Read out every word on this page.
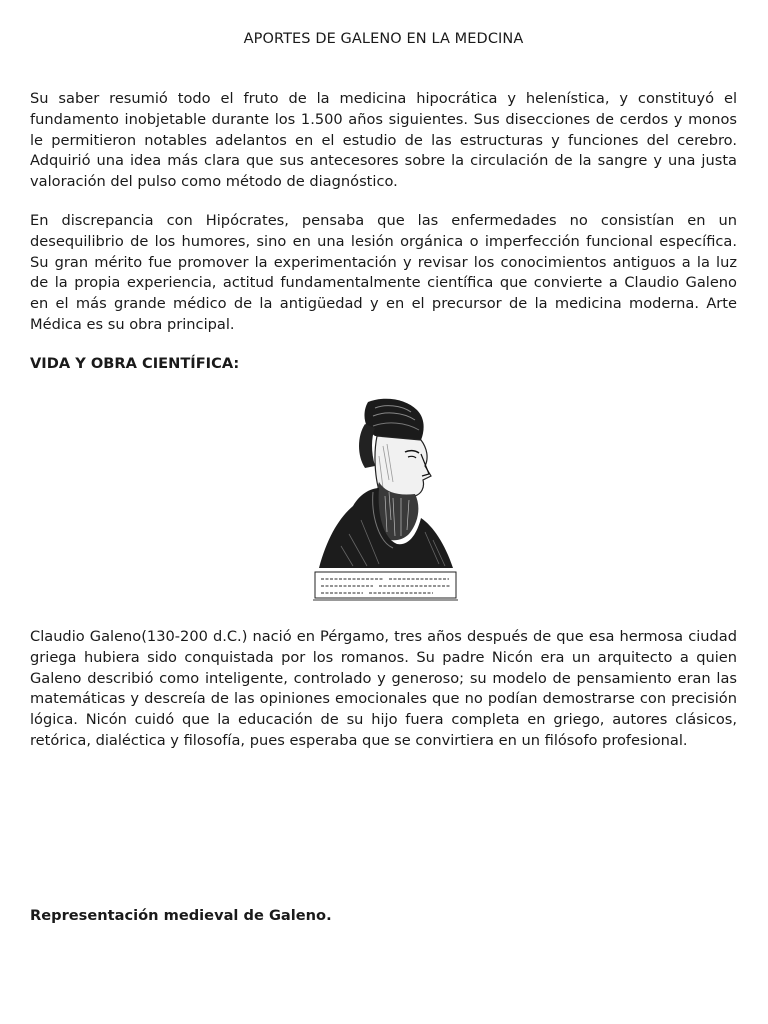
APORTES DE GALENO EN LA MEDCINA

Su saber resumió todo el fruto de la medicina hipocrática y helenística, y constituyó el fundamento inobjetable durante los 1.500 años siguientes. Sus disecciones de cerdos y monos le permitieron notables adelantos en el estudio de las estructuras y funciones del cerebro. Adquirió una idea más clara que sus antecesores sobre la circulación de la sangre y una justa valoración del pulso como método de diagnóstico.

En discrepancia con Hipócrates, pensaba que las enfermedades no consistían en un desequilibrio de los humores, sino en una lesión orgánica o imperfección funcional específica. Su gran mérito fue promover la experimentación y revisar los conocimientos antiguos a la luz de la propia experiencia, actitud fundamentalmente científica que convierte a Claudio Galeno en el más grande médico de la antigüedad y en el precursor de la medicina moderna. Arte Médica es su obra principal.

VIDA Y OBRA CIENTÍFICA:

Claudio Galeno(130-200 d.C.) nació en Pérgamo, tres años después de que esa hermosa ciudad griega hubiera sido conquistada por los romanos. Su padre Nicón era un arquitecto a quien Galeno describió como inteligente, controlado y generoso; su modelo de pensamiento eran las matemáticas y descreía de las opiniones emocionales que no podían demostrarse con precisión lógica. Nicón cuidó que la educación de su hijo fuera completa en griego, autores clásicos, retórica, dialéctica y filosofía, pues esperaba que se convirtiera en un filósofo profesional.

Representación medieval de Galeno.
